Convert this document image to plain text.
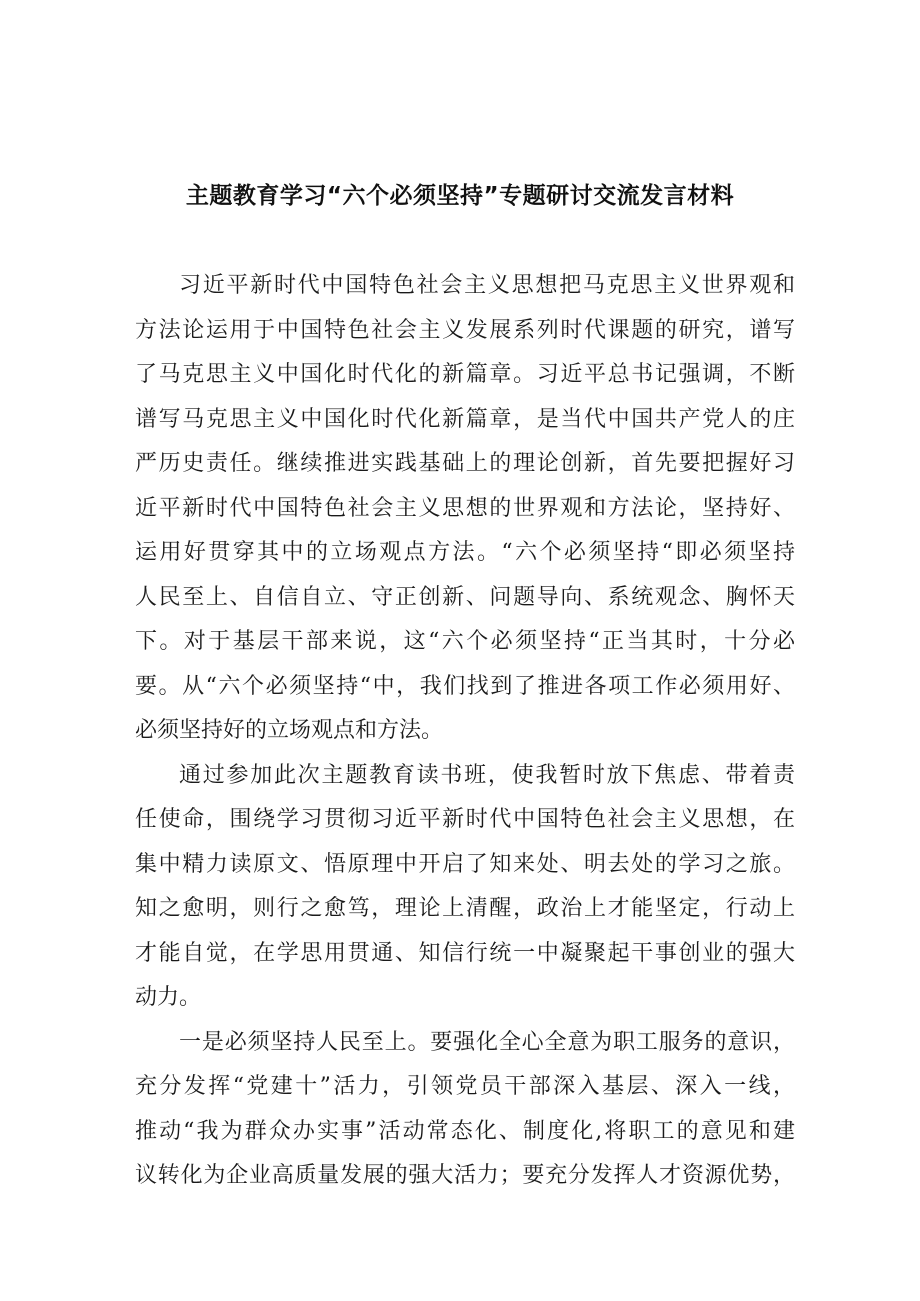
主题教育学习“六个必须坚持”专题研讨交流发言材料
习近平新时代中国特色社会主义思想把马克思主义世界观和
方法论运用于中国特色社会主义发展系列时代课题的研究，谱写
了马克思主义中国化时代化的新篇章。习近平总书记强调，不断
谱写马克思主义中国化时代化新篇章，是当代中国共产党人的庄
严历史责任。继续推进实践基础上的理论创新，首先要把握好习
近平新时代中国特色社会主义思想的世界观和方法论，坚持好、
运用好贯穿其中的立场观点方法。“六个必须坚持“即必须坚持
人民至上、自信自立、守正创新、问题导向、系统观念、胸怀天
下。对于基层干部来说，这“六个必须坚持“正当其时，十分必
要。从“六个必须坚持“中，我们找到了推进各项工作必须用好、
必须坚持好的立场观点和方法。
通过参加此次主题教育读书班，使我暂时放下焦虑、带着责
任使命，围绕学习贯彻习近平新时代中国特色社会主义思想，在
集中精力读原文、悟原理中开启了知来处、明去处的学习之旅。
知之愈明，则行之愈笃，理论上清醒，政治上才能坚定，行动上
才能自觉，在学思用贯通、知信行统一中凝聚起干事创业的强大
动力。
一是必须坚持人民至上。要强化全心全意为职工服务的意识，
充分发挥“党建十”活力，引领党员干部深入基层、深入一线，
推动“我为群众办实事”活动常态化、制度化,将职工的意见和建
议转化为企业高质量发展的强大活力；要充分发挥人才资源优势，
